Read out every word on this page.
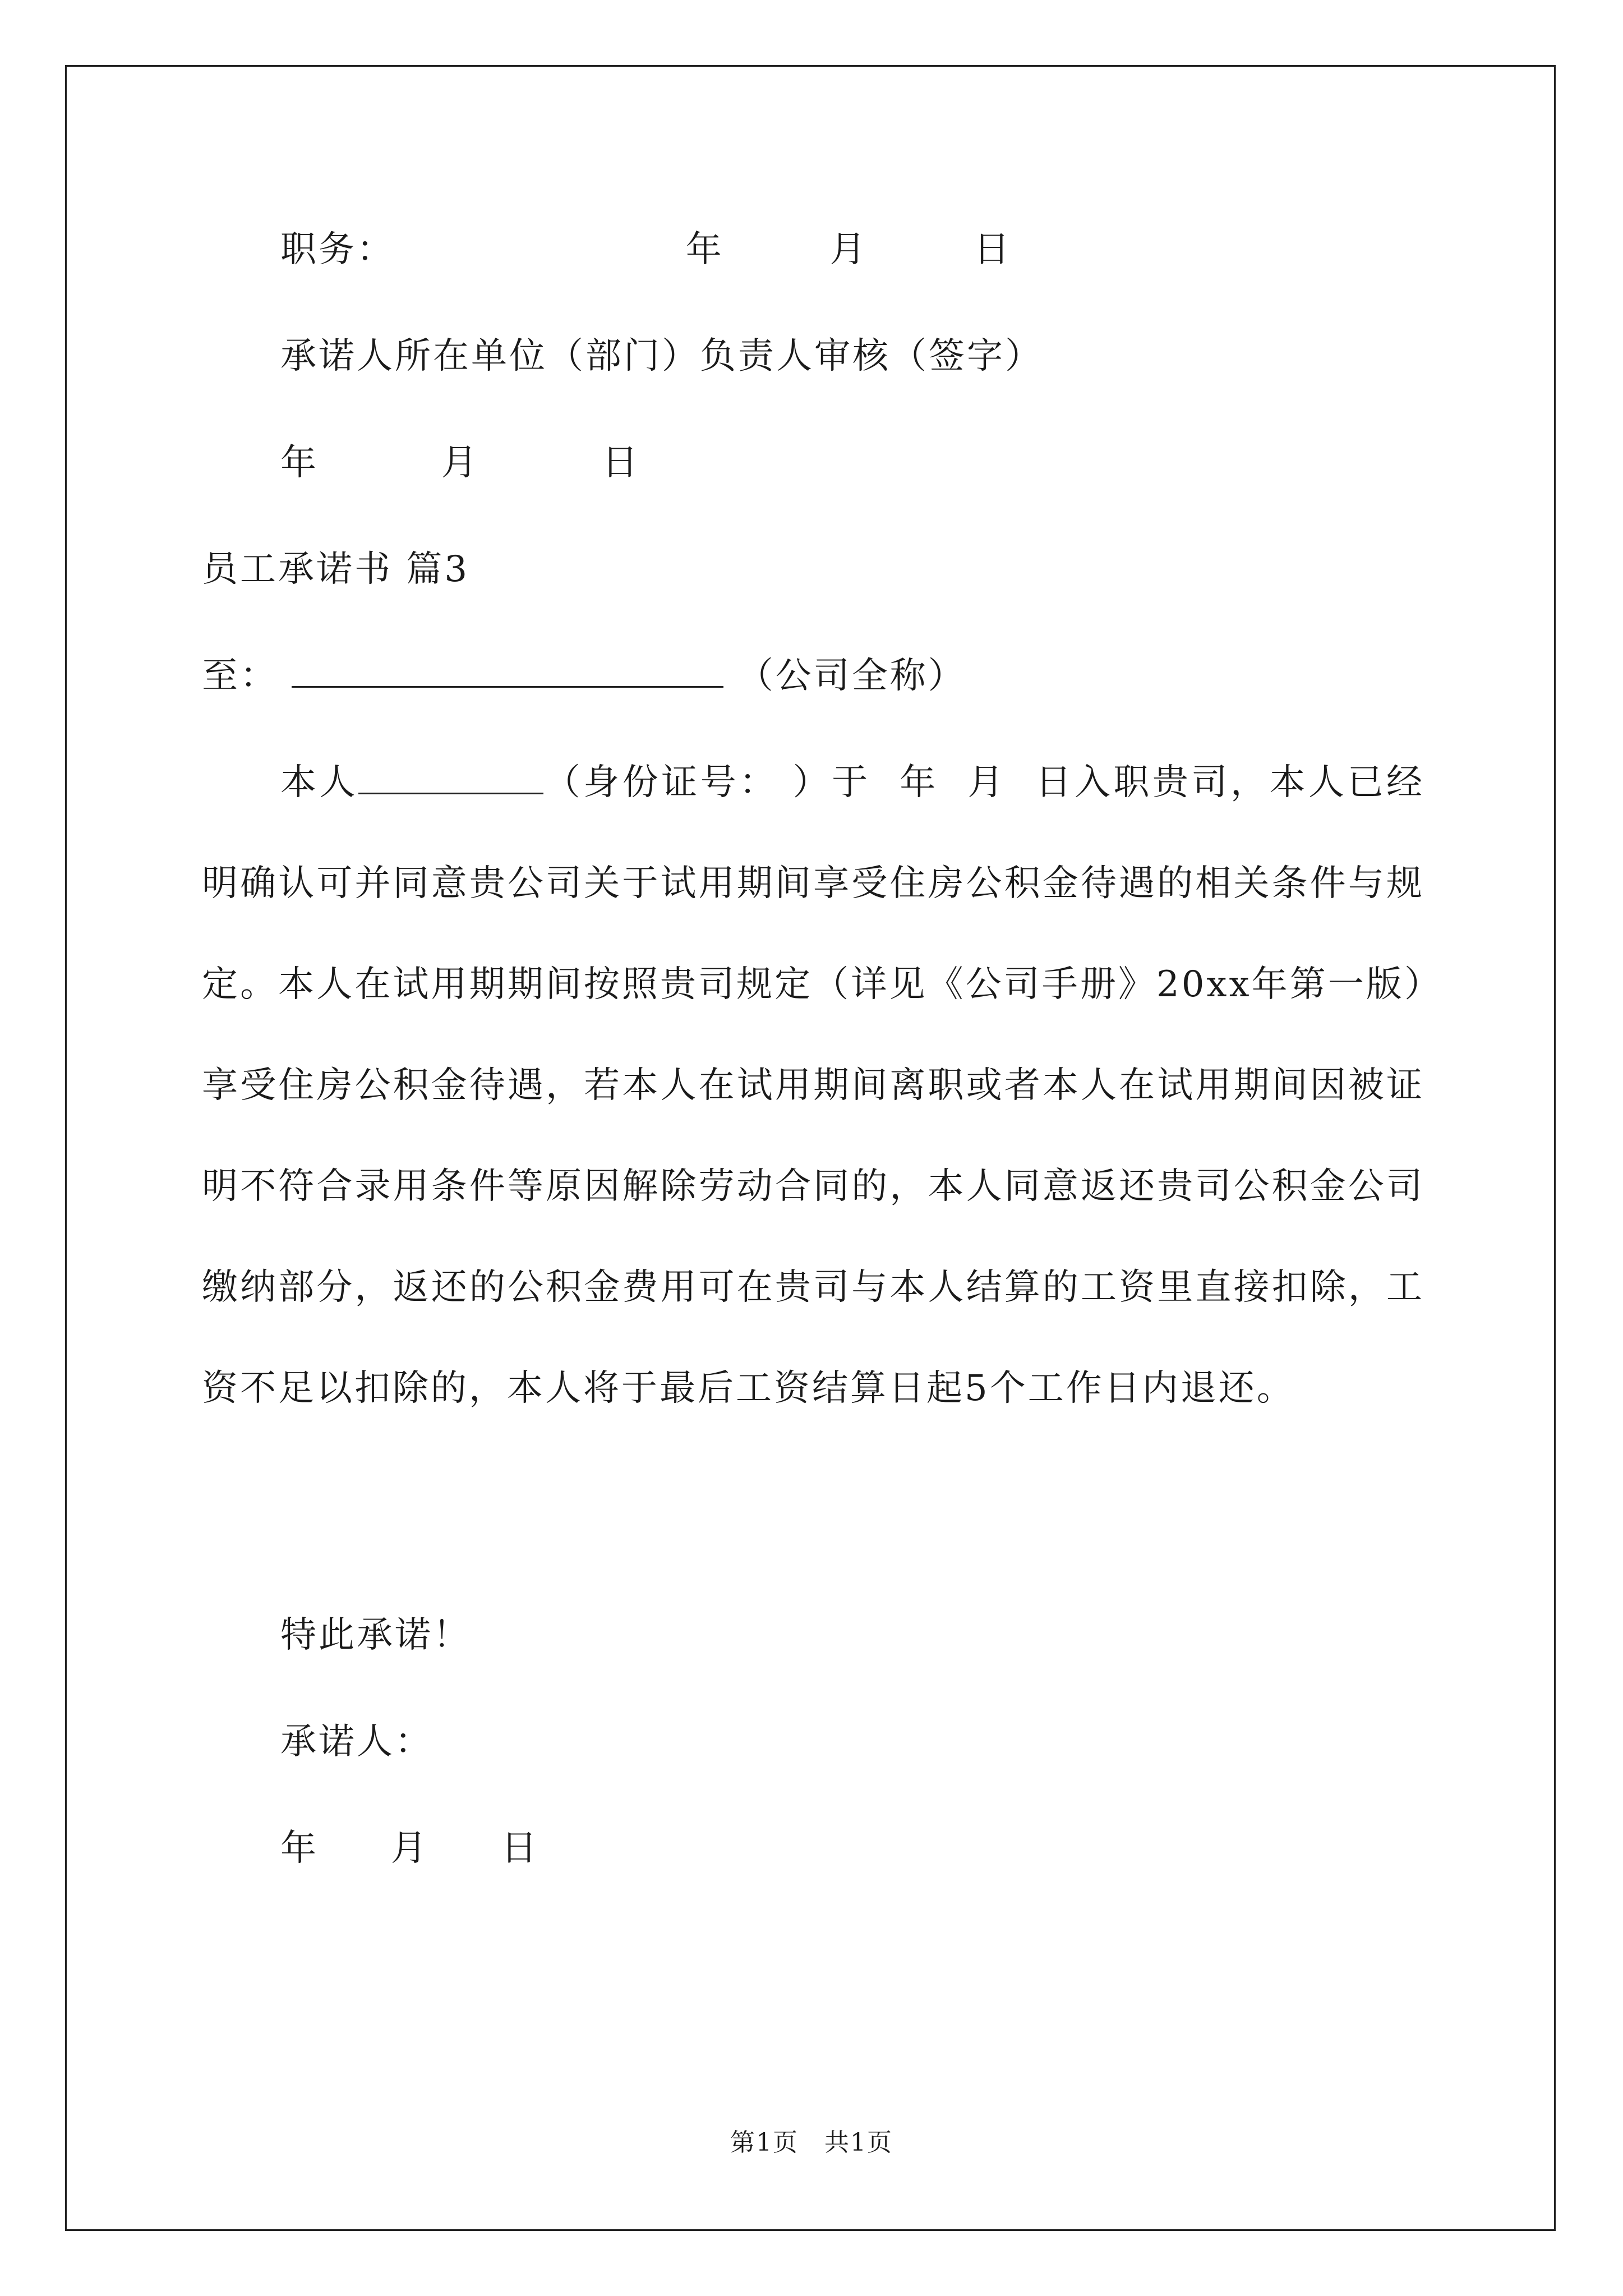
职务：	年	月	日
承诺人所在单位（部门）负责人审核（签字）
年	月	日
员工承诺书 篇3
至：	（公司全称）
本人	（身份证号： ）于 年 月 日入职贵司，本人已经明确认可并同意贵公司关于试用期间享受住房公积金待遇的相关条件与规定。本人在试用期期间按照贵司规定（详见《公司手册》20xx年第一版）享受住房公积金待遇，若本人在试用期间离职或者本人在试用期间因被证明不符合录用条件等原因解除劳动合同的，本人同意返还贵司公积金公司缴纳部分，返还的公积金费用可在贵司与本人结算的工资里直接扣除，工资不足以扣除的，本人将于最后工资结算日起5个工作日内退还。
特此承诺！
承诺人：
年 月 日
第1页　共1页
